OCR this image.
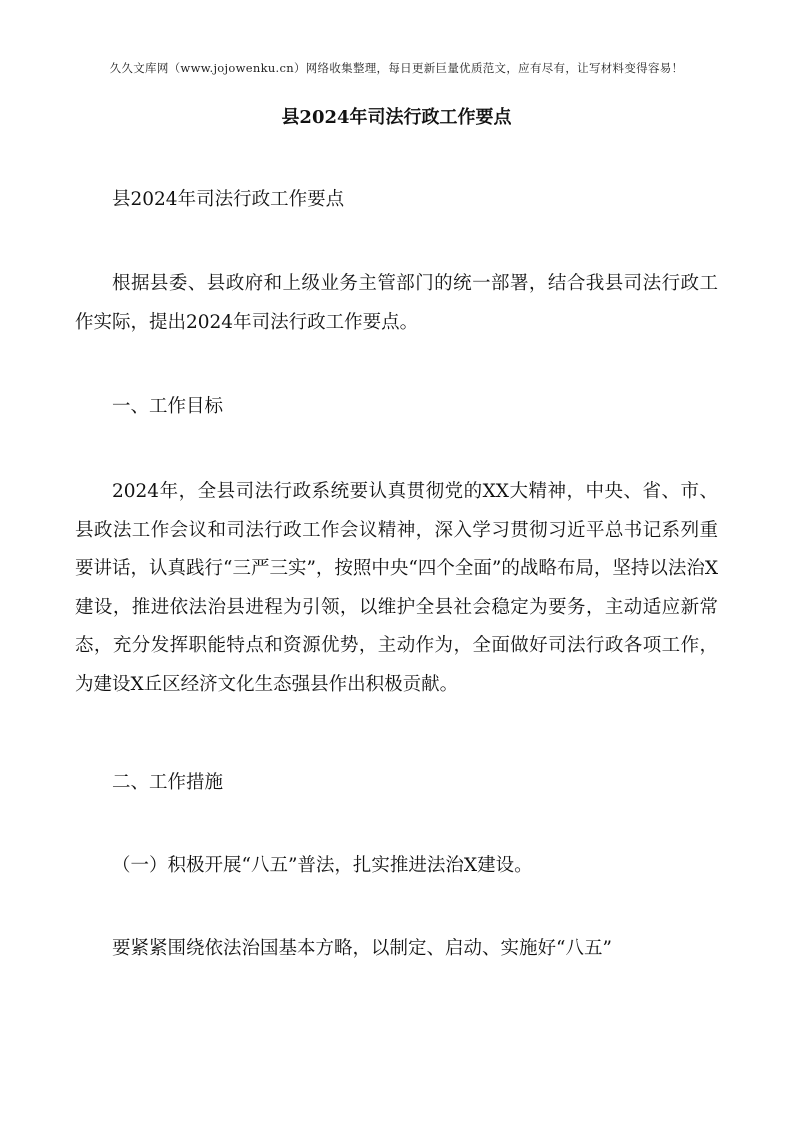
久久文库网（www.jojowenku.cn）网络收集整理，每日更新巨量优质范文，应有尽有，让写材料变得容易！
县2024年司法行政工作要点

县2024年司法行政工作要点

根据县委、县政府和上级业务主管部门的统一部署，结合我县司法行政工作实际，提出2024年司法行政工作要点。

一、工作目标

2024年，全县司法行政系统要认真贯彻党的XX大精神，中央、省、市、县政法工作会议和司法行政工作会议精神，深入学习贯彻习近平总书记系列重要讲话，认真践行“三严三实”，按照中央“四个全面”的战略布局，坚持以法治X建设，推进依法治县进程为引领，以维护全县社会稳定为要务，主动适应新常态，充分发挥职能特点和资源优势，主动作为，全面做好司法行政各项工作，为建设X丘区经济文化生态强县作出积极贡献。

二、工作措施

（一）积极开展“八五”普法，扎实推进法治X建设。

要紧紧围绕依法治国基本方略，以制定、启动、实施好“八五”
